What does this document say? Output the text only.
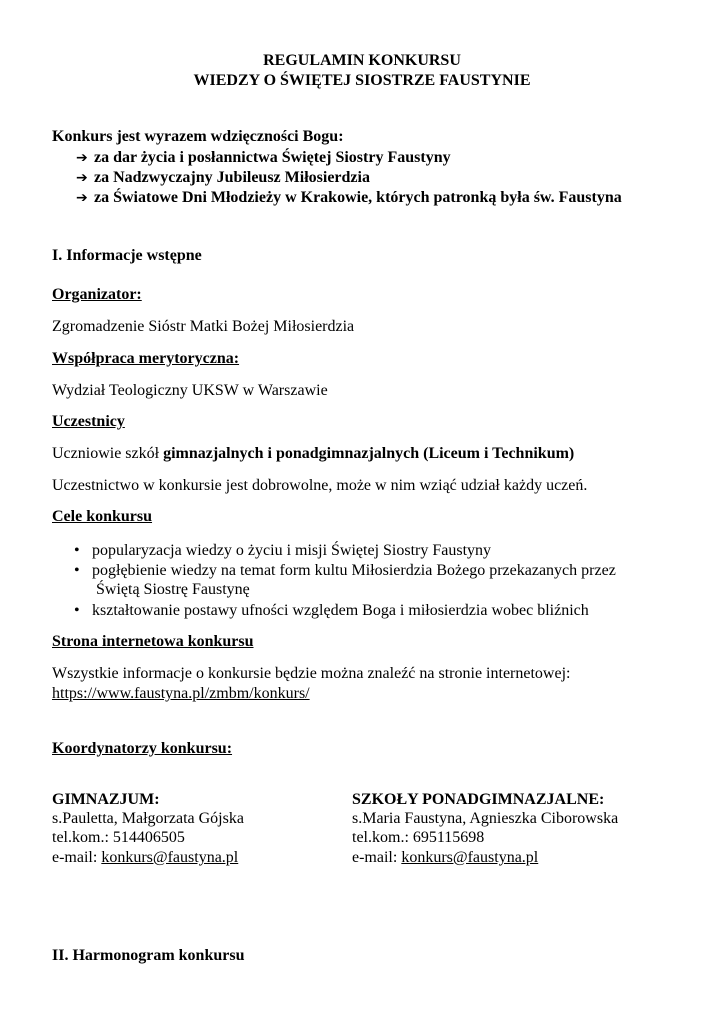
REGULAMIN KONKURSU
WIEDZY O ŚWIĘTEJ SIOSTRZE FAUSTYNIE
Konkurs jest wyrazem wdzięczności Bogu:
➔ za dar życia i posłannictwa Świętej Siostry Faustyny
➔ za Nadzwyczajny Jubileusz Miłosierdzia
➔ za Światowe Dni Młodzieży w Krakowie, których patronką była św. Faustyna
I. Informacje wstępne
Organizator:
Zgromadzenie Sióstr Matki Bożej Miłosierdzia
Współpraca merytoryczna:
Wydział Teologiczny UKSW w Warszawie
Uczestnicy
Uczniowie szkół gimnazjalnych i ponadgimnazjalnych (Liceum i Technikum)
Uczestnictwo w konkursie jest dobrowolne, może w nim wziąć udział każdy uczeń.
Cele konkursu
• popularyzacja wiedzy o życiu i misji Świętej Siostry Faustyny
• pogłębienie wiedzy na temat form kultu Miłosierdzia Bożego przekazanych przez
Świętą Siostrę Faustynę
• kształtowanie postawy ufności względem Boga i miłosierdzia wobec bliźnich
Strona internetowa konkursu
Wszystkie informacje o konkursie będzie można znaleźć na stronie internetowej:
https://www.faustyna.pl/zmbm/konkurs/
Koordynatorzy konkursu:
GIMNAZJUM:
s.Pauletta, Małgorzata Gójska
tel.kom.: 514406505
e-mail: konkurs@faustyna.pl
SZKOŁY PONADGIMNAZJALNE:
s.Maria Faustyna, Agnieszka Ciborowska
tel.kom.: 695115698
e-mail: konkurs@faustyna.pl
II. Harmonogram konkursu
